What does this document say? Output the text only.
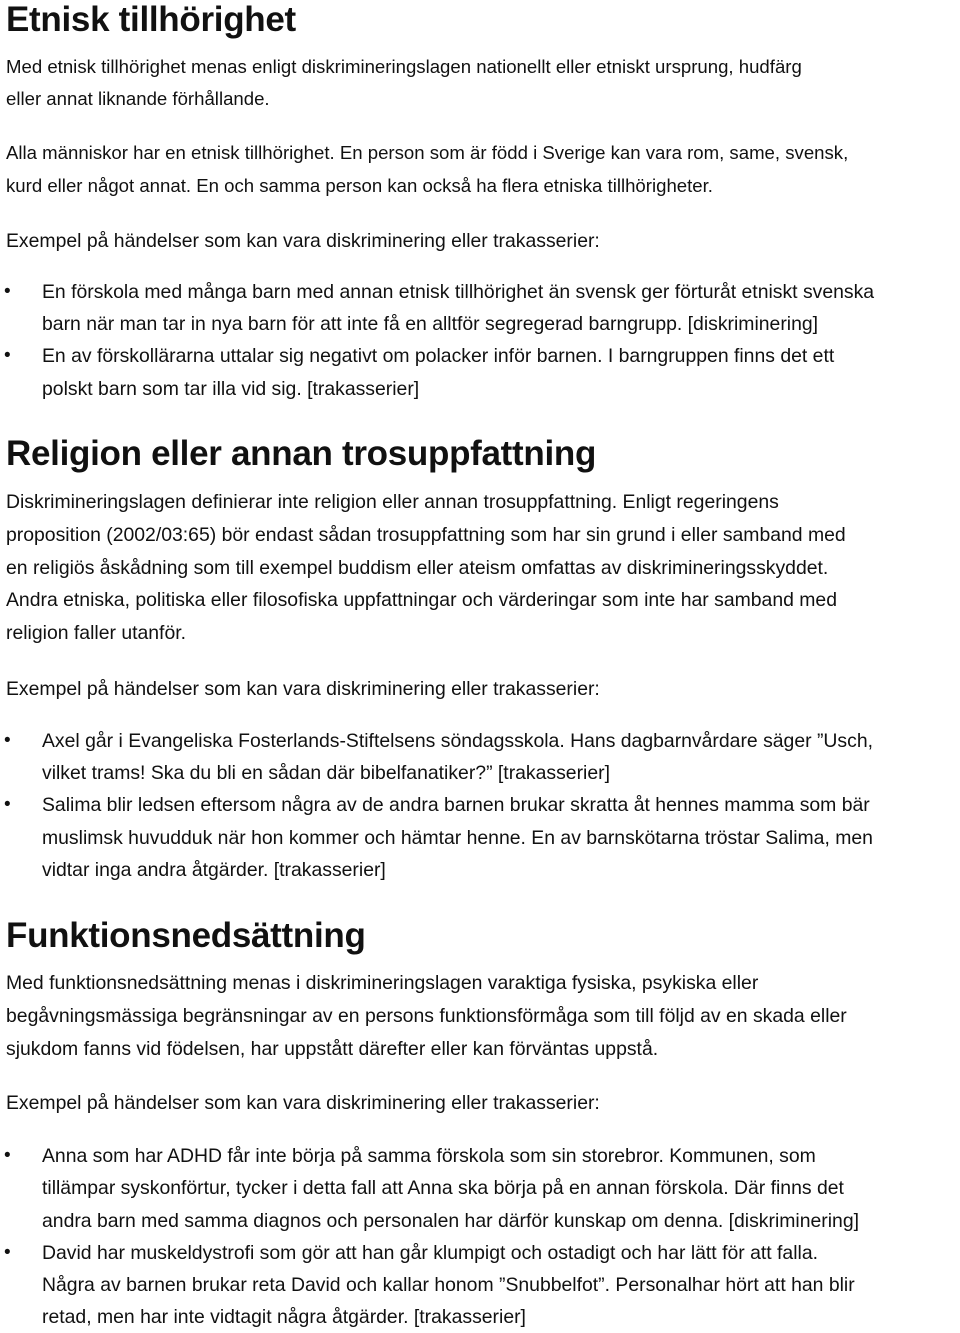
Etnisk tillhörighet

Med etnisk tillhörighet menas enligt diskrimineringslagen nationellt eller etniskt ursprung, hudfärg

eller annat liknande förhållande.

Alla människor har en etnisk tillhörighet. En person som är född i Sverige kan vara rom, same, svensk,

kurd eller något annat. En och samma person kan också ha flera etniska tillhörigheter.

Exempel på händelser som kan vara diskriminering eller trakasserier:

• En förskola med många barn med annan etnisk tillhörighet än svensk ger förturåt etniskt svenska

barn när man tar in nya barn för att inte få en alltför segregerad barngrupp. [diskriminering]

• En av förskollärarna uttalar sig negativt om polacker inför barnen. I barngruppen finns det ett

polskt barn som tar illa vid sig. [trakasserier]

Religion eller annan trosuppfattning

Diskrimineringslagen definierar inte religion eller annan trosuppfattning. Enligt regeringens

proposition (2002/03:65) bör endast sådan trosuppfattning som har sin grund i eller samband med

en religiös åskådning som till exempel buddism eller ateism omfattas av diskrimineringsskyddet.

Andra etniska, politiska eller filosofiska uppfattningar och värderingar som inte har samband med

religion faller utanför.

Exempel på händelser som kan vara diskriminering eller trakasserier:

• Axel går i Evangeliska Fosterlands-Stiftelsens söndagsskola. Hans dagbarnvårdare säger ”Usch,

vilket trams! Ska du bli en sådan där bibelfanatiker?” [trakasserier]

• Salima blir ledsen eftersom några av de andra barnen brukar skratta åt hennes mamma som bär

muslimsk huvudduk när hon kommer och hämtar henne. En av barnskötarna tröstar Salima, men

vidtar inga andra åtgärder. [trakasserier]

Funktionsnedsättning

Med funktionsnedsättning menas i diskrimineringslagen varaktiga fysiska, psykiska eller

begåvningsmässiga begränsningar av en persons funktionsförmåga som till följd av en skada eller

sjukdom fanns vid födelsen, har uppstått därefter eller kan förväntas uppstå.

Exempel på händelser som kan vara diskriminering eller trakasserier:

• Anna som har ADHD får inte börja på samma förskola som sin storebror. Kommunen, som

tillämpar syskonförtur, tycker i detta fall att Anna ska börja på en annan förskola. Där finns det

andra barn med samma diagnos och personalen har därför kunskap om denna. [diskriminering]

• David har muskeldystrofi som gör att han går klumpigt och ostadigt och har lätt för att falla.

Några av barnen brukar reta David och kallar honom ”Snubbelfot”. Personalhar hört att han blir

retad, men har inte vidtagit några åtgärder. [trakasserier]
